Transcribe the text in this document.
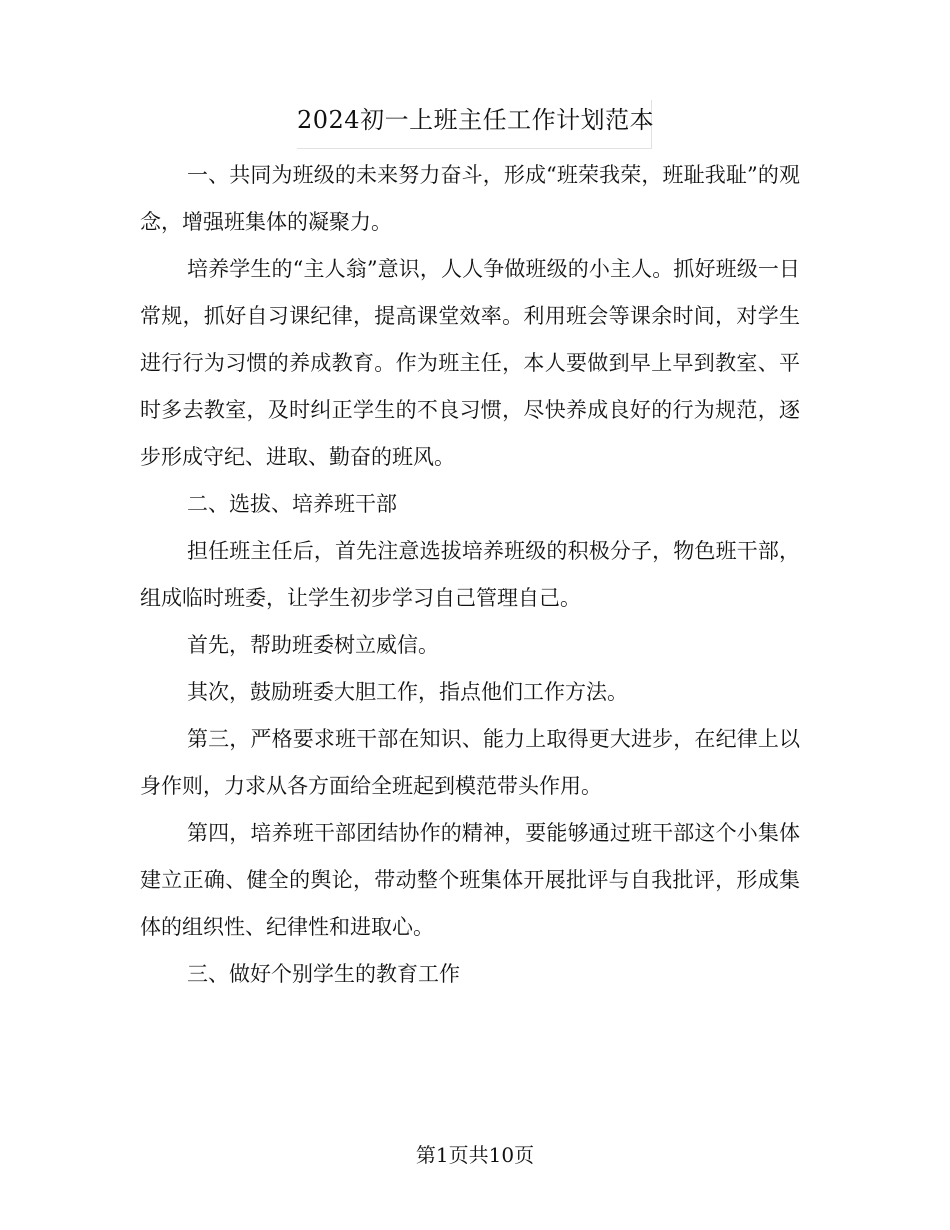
2024初一上班主任工作计划范本

一、共同为班级的未来努力奋斗，形成“班荣我荣，班耻我耻”的观念，增强班集体的凝聚力。

培养学生的“主人翁”意识，人人争做班级的小主人。抓好班级一日常规，抓好自习课纪律，提高课堂效率。利用班会等课余时间，对学生进行行为习惯的养成教育。作为班主任，本人要做到早上早到教室、平时多去教室，及时纠正学生的不良习惯，尽快养成良好的行为规范，逐步形成守纪、进取、勤奋的班风。

二、选拔、培养班干部

担任班主任后，首先注意选拔培养班级的积极分子，物色班干部，组成临时班委，让学生初步学习自己管理自己。

首先，帮助班委树立威信。

其次，鼓励班委大胆工作，指点他们工作方法。

第三，严格要求班干部在知识、能力上取得更大进步，在纪律上以身作则，力求从各方面给全班起到模范带头作用。

第四，培养班干部团结协作的精神，要能够通过班干部这个小集体建立正确、健全的舆论，带动整个班集体开展批评与自我批评，形成集体的组织性、纪律性和进取心。

三、做好个别学生的教育工作

第1页共10页
